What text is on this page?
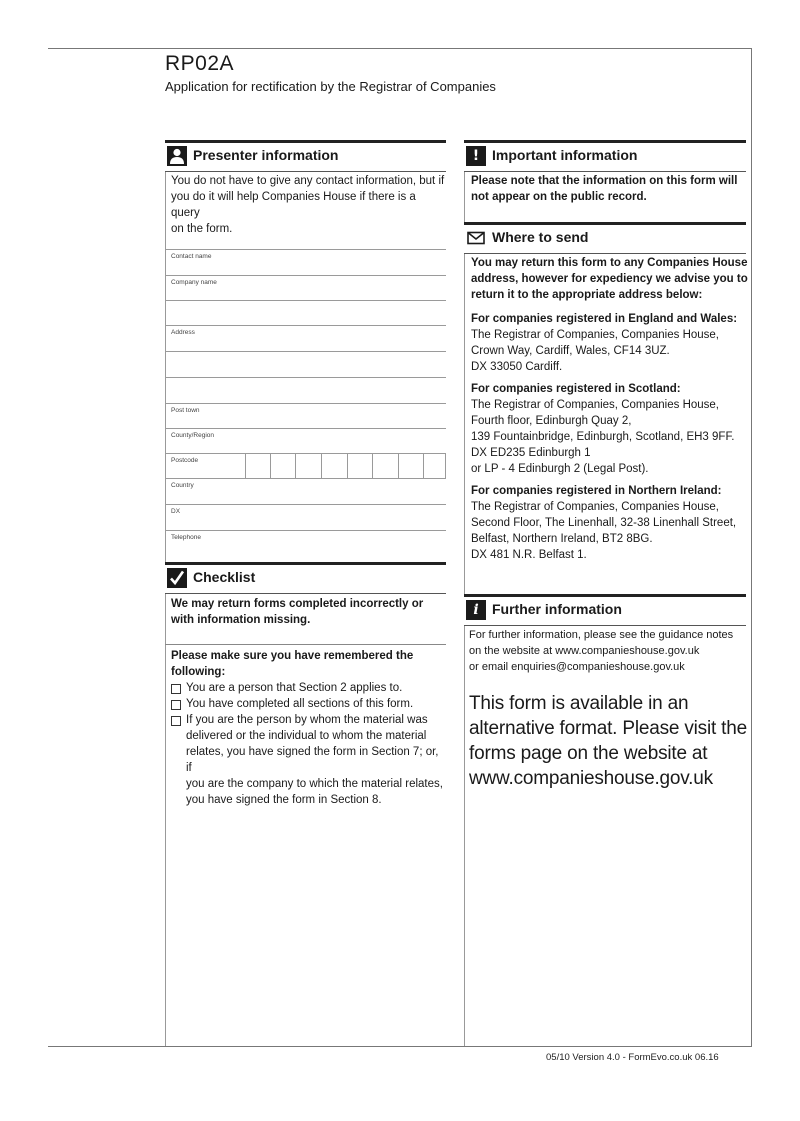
RP02A
Application for rectification by the Registrar of Companies
Presenter information
You do not have to give any contact information, but if
you do it will help Companies House if there is a query
on the form.
Contact name
Company name
Address
Post town
County/Region
Postcode
Country
DX
Telephone
Checklist
We may return forms completed incorrectly or
with information missing.
Please make sure you have remembered the
following:
You are a person that Section 2 applies to.
You have completed all sections of this form.
If you are the person by whom the material was
delivered or the individual to whom the material
relates, you have signed the form in Section 7; or, if
you are the company to which the material relates,
you have signed the form in Section 8.
! Important information
Please note that the information on this form will
not appear on the public record.
Where to send
You may return this form to any Companies House
address, however for expediency we advise you to
return it to the appropriate address below:
For companies registered in England and Wales:
The Registrar of Companies, Companies House,
Crown Way, Cardiff, Wales, CF14 3UZ.
DX 33050 Cardiff.
For companies registered in Scotland:
The Registrar of Companies, Companies House,
Fourth floor, Edinburgh Quay 2,
139 Fountainbridge, Edinburgh, Scotland, EH3 9FF.
DX ED235 Edinburgh 1
or LP - 4 Edinburgh 2 (Legal Post).
For companies registered in Northern Ireland:
The Registrar of Companies, Companies House,
Second Floor, The Linenhall, 32-38 Linenhall Street,
Belfast, Northern Ireland, BT2 8BG.
DX 481 N.R. Belfast 1.
i Further information
For further information, please see the guidance notes
on the website at www.companieshouse.gov.uk
or email enquiries@companieshouse.gov.uk
This form is available in an
alternative format. Please visit the
forms page on the website at
www.companieshouse.gov.uk
05/10 Version 4.0 - FormEvo.co.uk 06.16
